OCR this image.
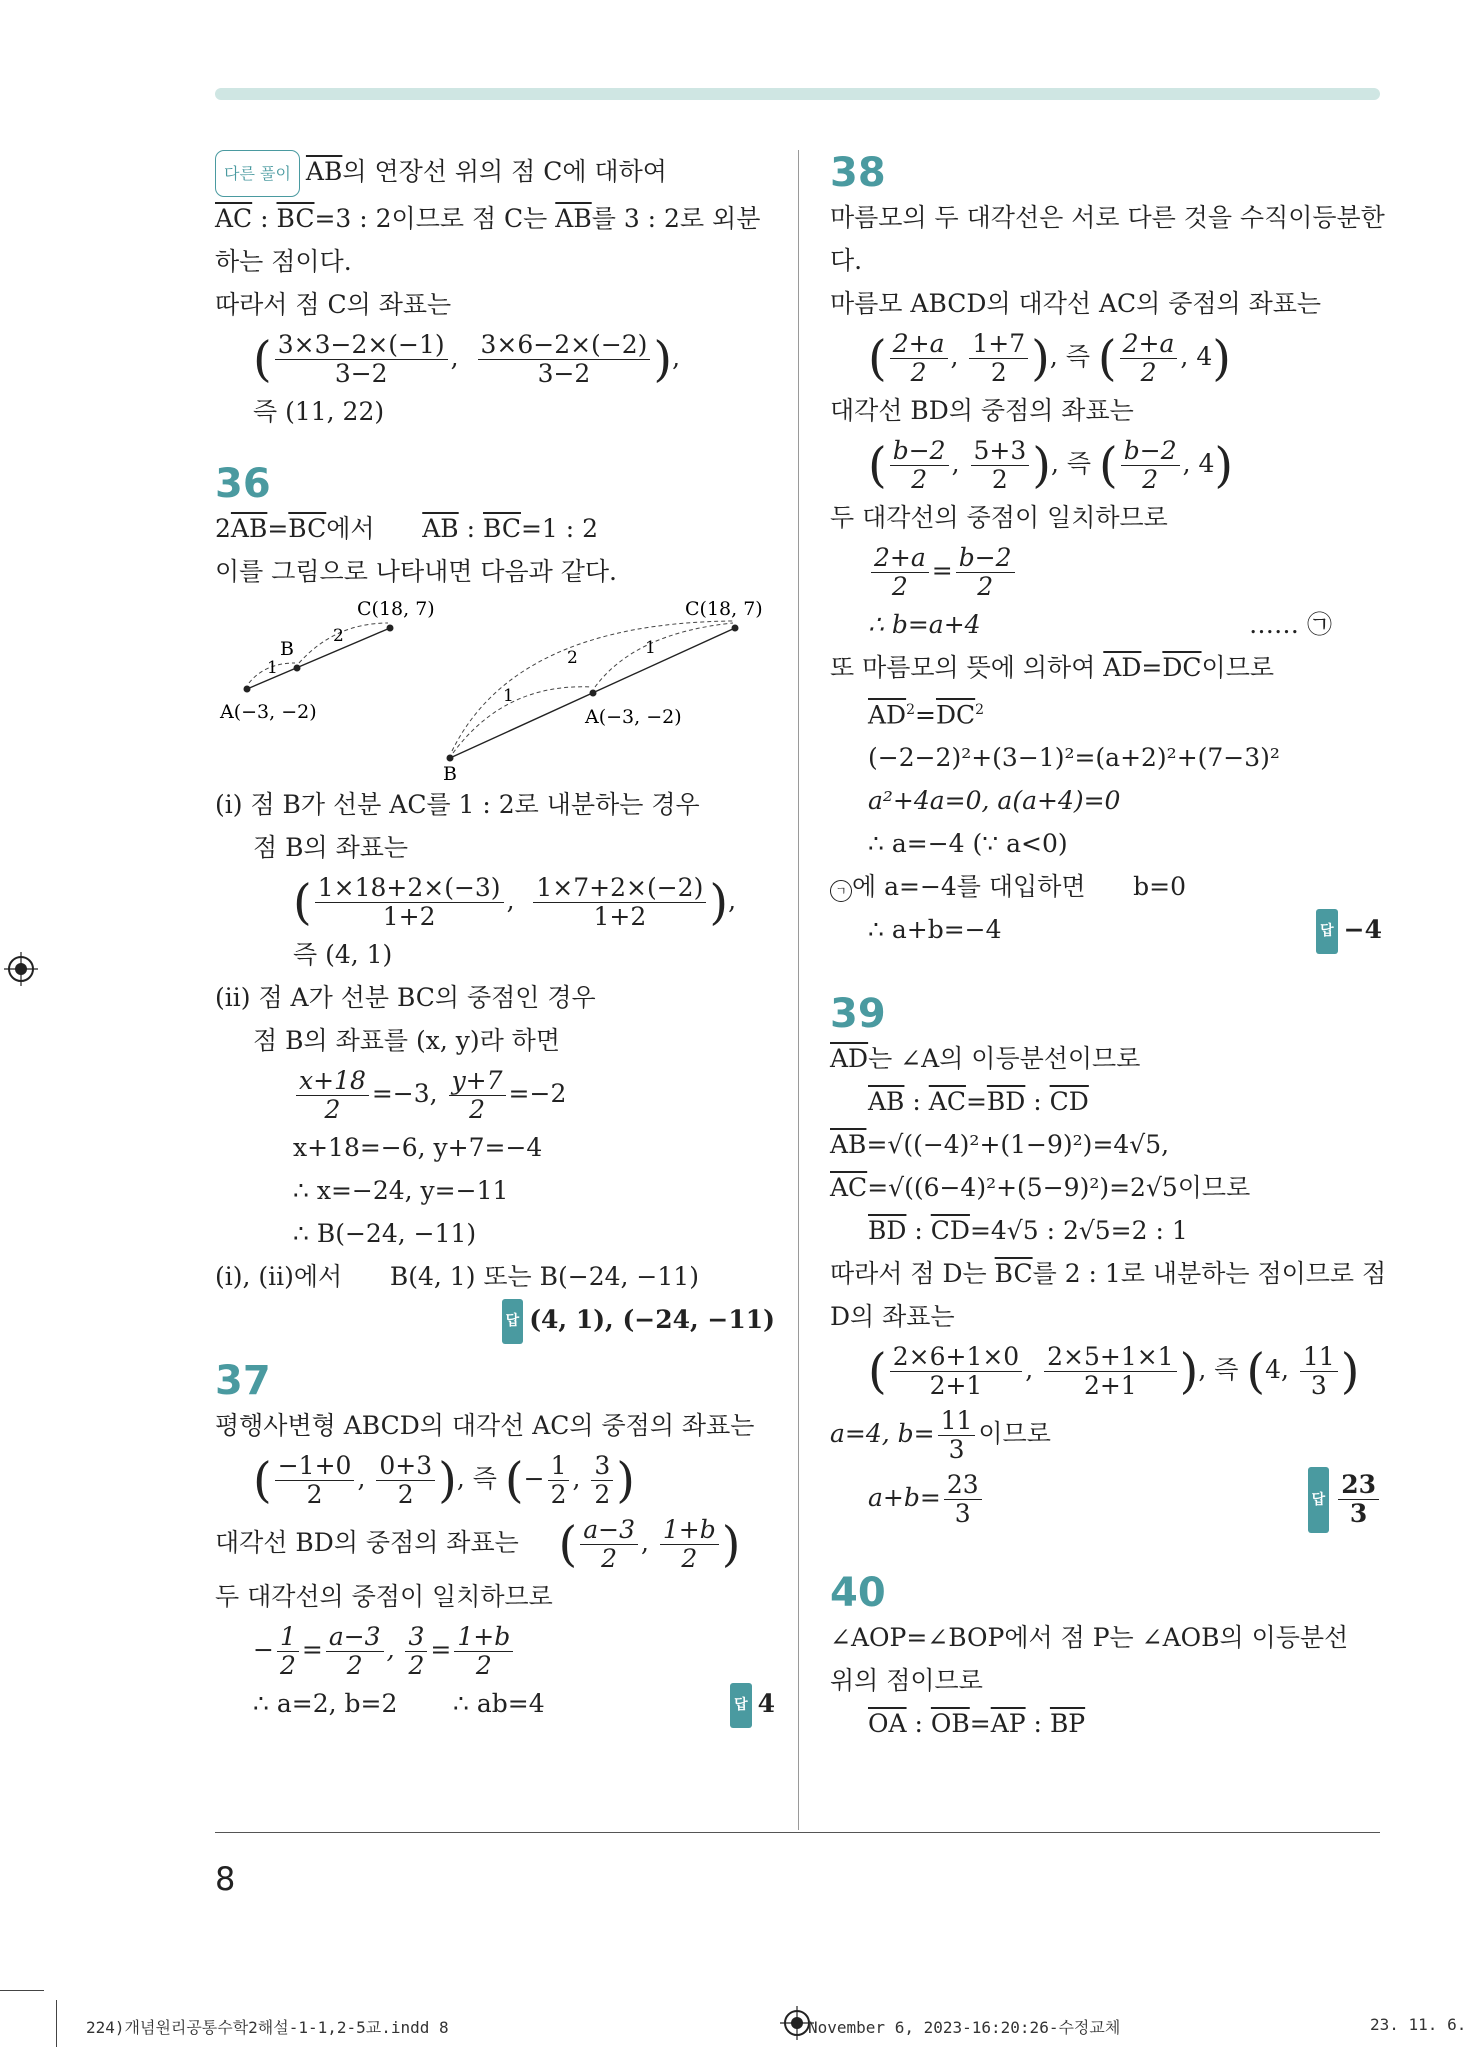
다른 풀이 $\overline{AB}$의 연장선 위의 점 C에 대하여
$\overline{AC}$ : $\overline{BC}=3$ : 2이므로 점 C는 $\overline{AB}$를 3 : 2로 외분
하는 점이다.
따라서 점 C의 좌표는
( $\frac{3\times 3-2\times(-1)}{3-2}$ , $\frac{3\times 6-2\times(-2)}{3-2}$ ),
즉 (11, 22)
36
$2\overline{AB}=\overline{BC}$에서      $\overline{AB}$ : $\overline{BC}=1$ : 2
이를 그림으로 나타내면 다음과 같다.
1
2
B
C(18, 7)
A(−3, −2)
1
1
2
C(18, 7)
A(−3, −2)
B
(ⅰ) 점 B가 선분 AC를 1 : 2로 내분하는 경우
점 B의 좌표는
( $\frac{1\times 18+2\times(-3)}{1+2}$ , $\frac{1\times 7+2\times(-2)}{1+2}$ ),
즉 (4, 1)
(ⅱ) 점 A가 선분 BC의 중점인 경우
점 B의 좌표를 (x, y)라 하면
$\frac{x+18}{2} =-3$, $\frac{y+7}{2} =-2$
x+18=−6, y+7=−4
∴ x=−24, y=−11
∴ B(−24, −11)
(ⅰ), (ⅱ)에서      B(4, 1) 또는 B(−24, −11)
답 (4, 1), (−24, −11)
37
평행사변형 ABCD의 대각선 AC의 중점의 좌표는
( $\frac{-1+0}{2}$ , $\frac{0+3}{2}$ ), 즉 (− $\frac{1}{2}$ , $\frac{3}{2}$ )
대각선 BD의 중점의 좌표는 ( $\frac{a-3}{2}$ , $\frac{1+b}{2}$ )
두 대각선의 중점이 일치하므로
− $\frac{1}{2} = \frac{a-3}{2}$ , $\frac{3}{2} = \frac{1+b}{2}$
∴ a=2, b=2       ∴ ab=4	답 4
38
마름모의 두 대각선은 서로 다른 것을 수직이등분한
다.
마름모 ABCD의 대각선 AC의 중점의 좌표는
( $\frac{2+a}{2}$ , $\frac{1+7}{2}$ ), 즉 ( $\frac{2+a}{2}$ , 4)
대각선 BD의 중점의 좌표는
( $\frac{b-2}{2}$ , $\frac{5+3}{2}$ ), 즉 ( $\frac{b-2}{2}$ , 4)
두 대각선의 중점이 일치하므로
$\frac{2+a}{2} = \frac{b-2}{2}$
∴ b=a+4	…… ㉠
또 마름모의 뜻에 의하여 $\overline{AD}=\overline{DC}$이므로
$\overline{AD}^2=\overline{DC}^2$
(−2−2)²+(3−1)²=(a+2)²+(7−3)²
a²+4a=0, a(a+4)=0
∴ a=−4 (∵ a<0)
ㄱ 에 a=−4를 대입하면      b=0
∴ a+b=−4	답 −4
39
$\overline{AD}$는 ∠A의 이등분선이므로
$\overline{AB}$ : $\overline{AC}=\overline{BD}$ : $\overline{CD}$
$\overline{AB}=√((-4)^2+(1-9)^2)=4√5$,
$\overline{AC}=√((6-4)^2+(5-9)^2)=2√5$이므로
$\overline{BD}$ : $\overline{CD}=4√5$ : 2√5=2 : 1
따라서 점 D는 $\overline{BC}$를 2 : 1로 내분하는 점이므로 점
D의 좌표는
( $\frac{2\times 6+1\times 0}{2+1}$ , $\frac{2\times 5+1\times 1}{2+1}$ ), 즉 (4, $\frac{11}{3}$ )
a=4, $b= \frac{11}{3}$ 이므로
$a+b= \frac{23}{3}$	답 $\frac{23}{3}$
40
∠AOP=∠BOP에서 점 P는 ∠AOB의 이등분선
위의 점이므로
$\overline{OA}$ : $\overline{OB}=\overline{AP}$ : $\overline{BP}$
8
224)개념원리공통수학2해설-1-1,2-5교.indd 8	November 6, 2023-16:20:26-수정교체	23. 11. 6.
